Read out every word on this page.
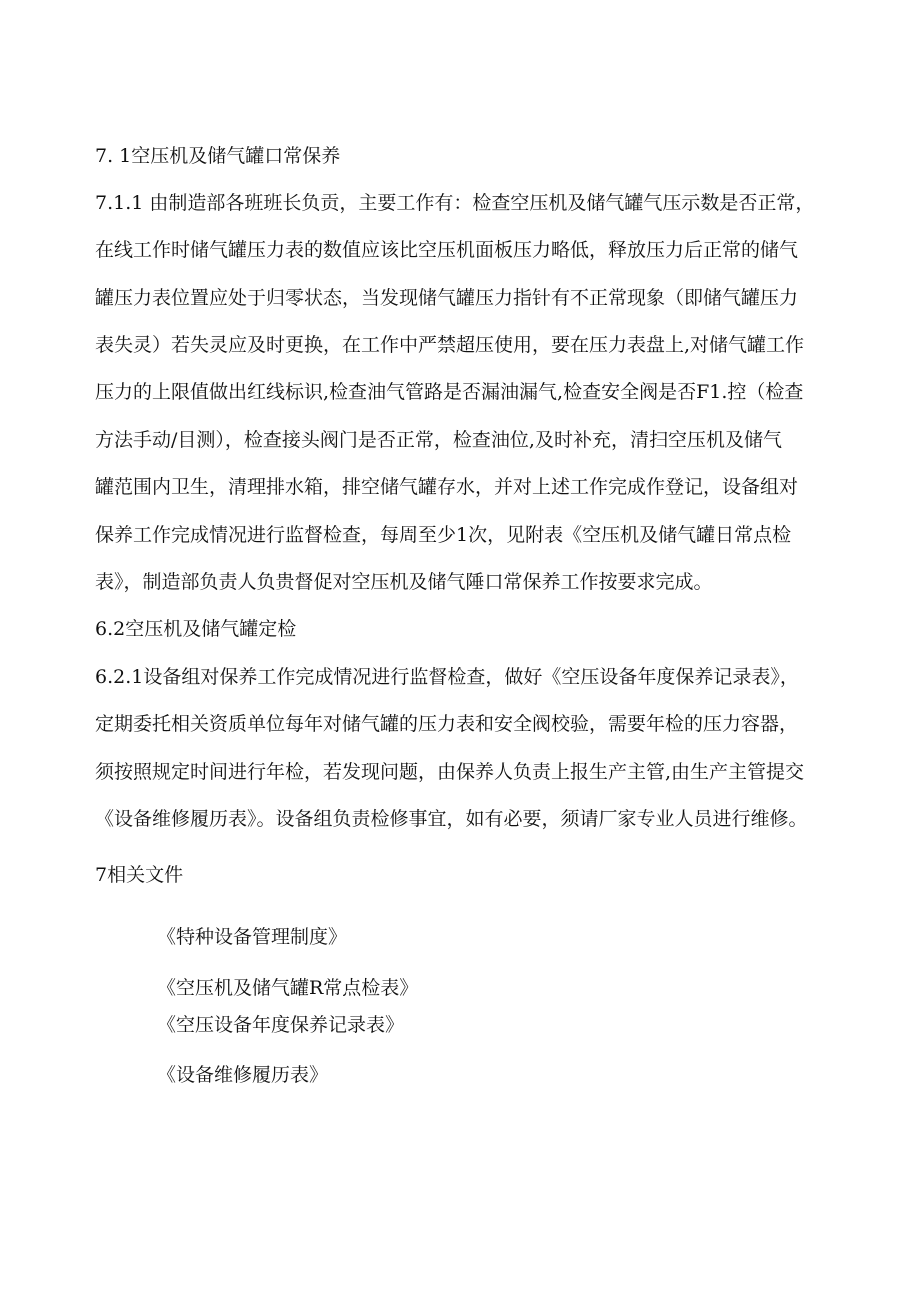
7. 1空压机及储气罐口常保养
7.1.1 由制造部各班班长负贡，主要工作有：检查空压机及储气罐气压示数是否正常，
在线工作时储气罐压力表的数值应该比空压机面板压力略低，释放压力后正常的储气
罐压力表位置应处于归零状态，当发现储气罐压力指针有不正常现象（即储气罐压力
表失灵）若失灵应及时更换，在工作中严禁超压使用，要在压力表盘上,对储气罐工作
压力的上限值做出红线标识,检查油气管路是否漏油漏气,检查安全阀是否F1.控（检查
方法手动/目测），检查接头阀门是否正常，检查油位,及时补充，清扫空压机及储气
罐范围内卫生，清理排水箱，排空储气罐存水，并对上述工作完成作登记，设备组对
保养工作完成情况进行监督检查，每周至少1次，见附表《空压机及储气罐日常点检
表》，制造部负责人负贵督促对空压机及储气陲口常保养工作按要求完成。
6.2空压机及储气罐定检
6.2.1设备组对保养工作完成情况进行监督检查，做好《空压设备年度保养记录表》，
定期委托相关资质单位每年对储气罐的压力表和安全阀校验，需要年检的压力容器，
须按照规定时间进行年检，若发现问题，由保养人负责上报生产主管,由生产主管提交
《设备维修履历表》。设备组负责检修事宜，如有必要，须请厂家专业人员进行维修。
7相关文件
《特种设备管理制度》
《空压机及储气罐R常点检表》
《空压设备年度保养记录表》
《设备维修履历表》
